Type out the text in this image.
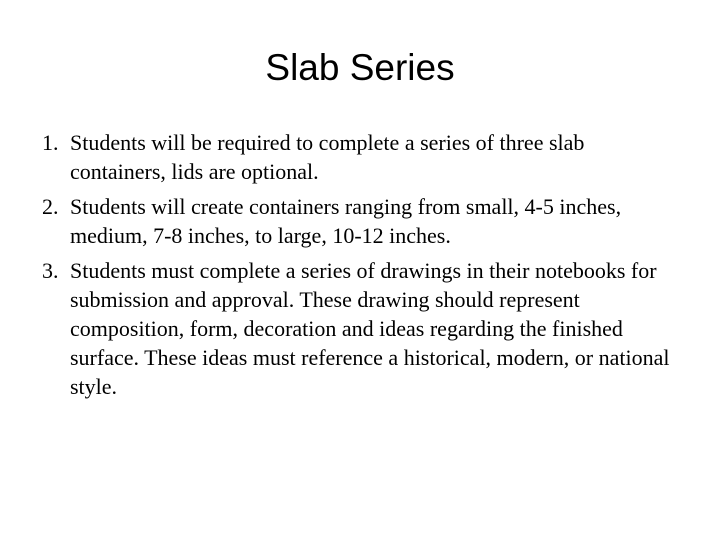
Slab Series
1. Students will be required to complete a series of three slab containers, lids are optional.
2. Students will create containers ranging from small, 4-5 inches, medium, 7-8 inches, to large, 10-12 inches.
3. Students must complete a series of drawings in their notebooks for submission and approval. These drawing should represent composition, form, decoration and ideas regarding the finished surface. These ideas must reference a historical, modern, or national style.
